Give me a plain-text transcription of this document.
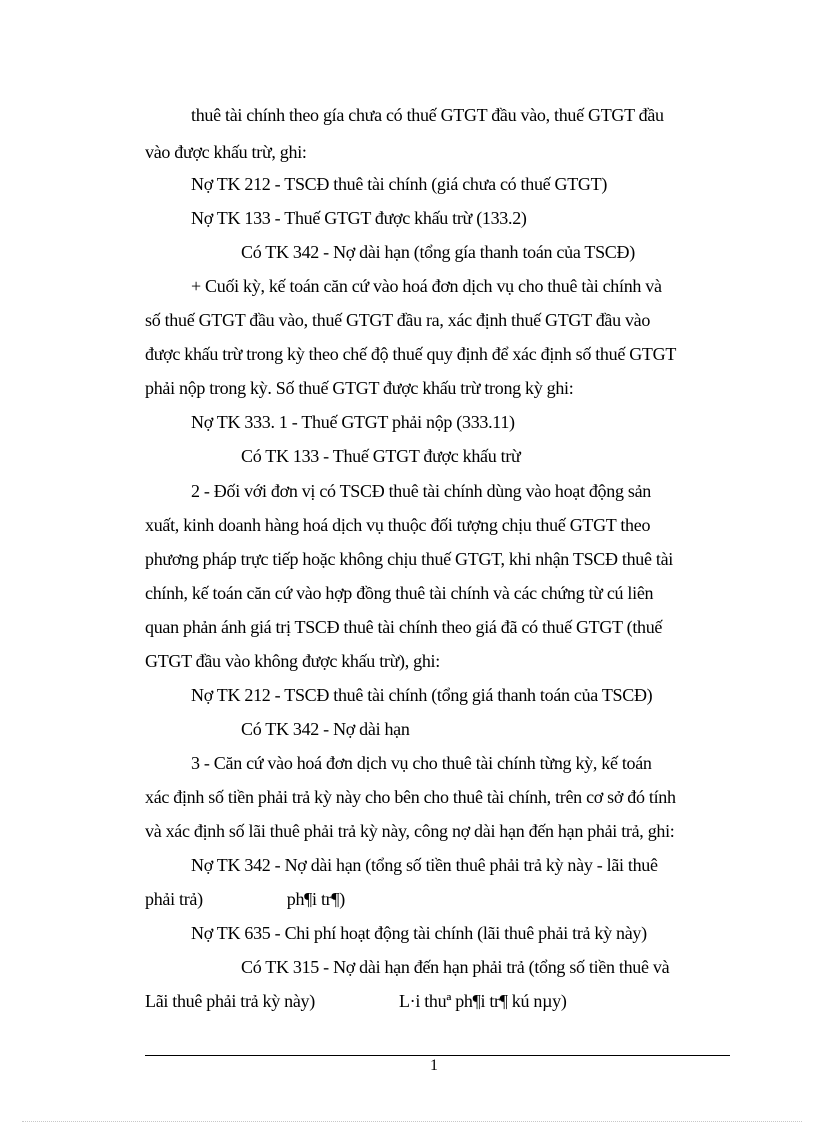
thuê tài chính theo gía chưa có thuế GTGT đầu vào, thuế GTGT đầu
vào được khấu trừ, ghi:
Nợ TK 212 - TSCĐ thuê tài chính (giá chưa có thuế GTGT)
Nợ TK 133 - Thuế GTGT được khấu trừ (133.2)
Có TK 342 - Nợ dài hạn (tổng gía thanh toán của TSCĐ)
+ Cuối kỳ, kế toán căn cứ vào hoá đơn dịch vụ cho thuê tài chính và
số thuế GTGT đầu vào, thuế GTGT đầu ra, xác định thuế GTGT đầu vào
được khấu trừ trong kỳ theo chế độ thuế quy định để xác định số thuế GTGT
phải nộp trong kỳ. Số thuế GTGT được khấu trừ trong kỳ ghi:
Nợ TK 333. 1 - Thuế GTGT phải nộp (333.11)
Có TK 133 - Thuế GTGT được khấu trừ
2 - Đối với đơn vị có TSCĐ thuê tài chính dùng vào hoạt động sản
xuất, kinh doanh hàng hoá dịch vụ thuộc đối tượng chịu thuế GTGT theo
phương pháp trực tiếp hoặc không chịu thuế GTGT, khi nhận TSCĐ thuê tài
chính, kế toán căn cứ vào hợp đồng thuê tài chính và các chứng từ cú liên
quan phản ánh giá trị TSCĐ thuê tài chính theo giá đã có thuế GTGT (thuế
GTGT đầu vào không được khấu trừ), ghi:
Nợ TK 212 - TSCĐ thuê tài chính (tổng giá thanh toán của TSCĐ)
Có TK 342 - Nợ dài hạn
3 - Căn cứ vào hoá đơn dịch vụ cho thuê tài chính từng kỳ, kế toán
xác định số tiền phải trả kỳ này cho bên cho thuê tài chính, trên cơ sở đó tính
và xác định số lãi thuê phải trả kỳ này, công nợ dài hạn đến hạn phải trả, ghi:
Nợ TK 342 - Nợ dài hạn (tổng số tiền thuê phải trả kỳ này - lãi thuê
phải trả)	ph¶i tr¶)
Nợ TK 635 - Chi phí hoạt động tài chính (lãi thuê phải trả kỳ này)
Có TK 315 - Nợ dài hạn đến hạn phải trả (tổng số tiền thuê và
Lãi thuê phải trả kỳ này)	L·i thuª ph¶i tr¶ kú nµy)
1
